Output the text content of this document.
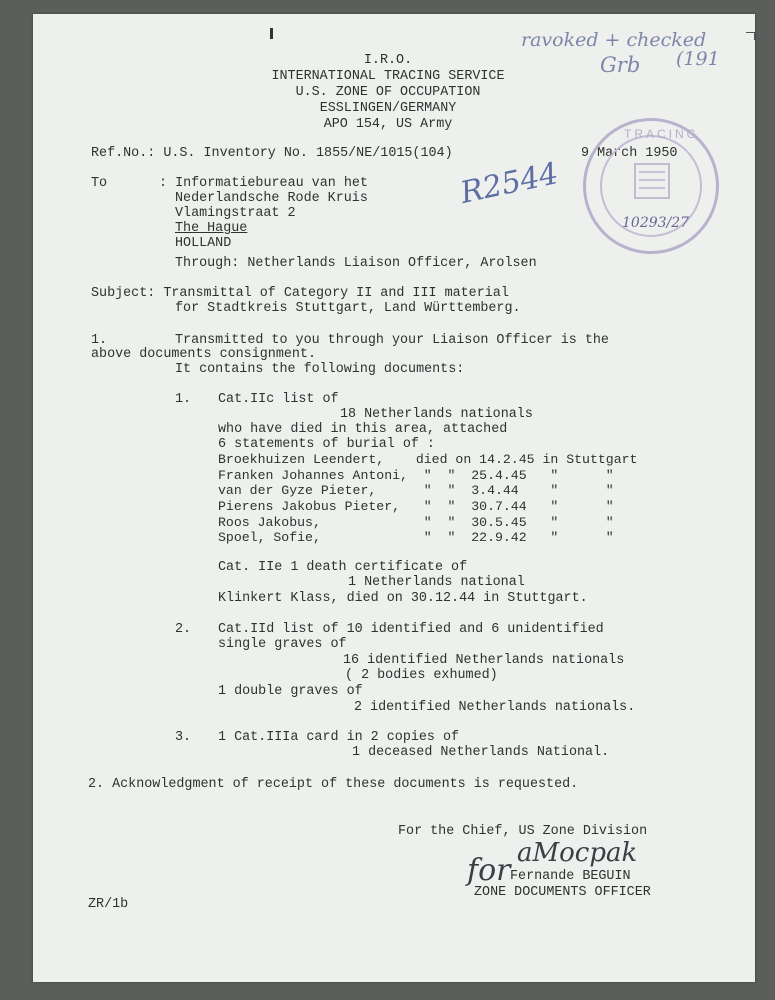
I.R.O.
INTERNATIONAL TRACING SERVICE
U.S. ZONE OF OCCUPATION
ESSLINGEN/GERMANY
APO 154, US Army
Ref.No.: U.S. Inventory No. 1855/NE/1015(104)	9 March 1950
To	: Informatiebureau van het
Nederlandsche Rode Kruis
Vlamingstraat 2
The Hague
HOLLAND
Through: Netherlands Liaison Officer, Arolsen
Subject: Transmittal of Category II and III material
for Stadtkreis Stuttgart, Land Württemberg.
1.	Transmitted to you through your Liaison Officer is the
above documents consignment.
It contains the following documents:
1. Cat.IIc list of
18 Netherlands nationals
who have died in this area, attached
6 statements of burial of :
Broekhuizen Leendert,    died on 14.2.45 in Stuttgart
Franken Johannes Antoni,  "  "  25.4.45   "      "
van der Gyze Pieter,      "  "  3.4.44    "      "
Pierens Jakobus Pieter,   "  "  30.7.44   "      "
Roos Jakobus,             "  "  30.5.45   "      "
Spoel, Sofie,             "  "  22.9.42   "      "
Cat. IIe 1 death certificate of
1 Netherlands national
Klinkert Klass, died on 30.12.44 in Stuttgart.
2. Cat.IId list of 10 identified and 6 unidentified
single graves of
16 identified Netherlands nationals
( 2 bodies exhumed)
1 double graves of
2 identified Netherlands nationals.
3. 1 Cat.IIIa card in 2 copies of
1 deceased Netherlands National.
2. Acknowledgment of receipt of these documents is requested.
For the Chief, US Zone Division
aMocpak
for Fernande BEGUIN
ZONE DOCUMENTS OFFICER
ZR/1b
ravoked + checked
Grb (191
R2544
TRACING
10293/27
